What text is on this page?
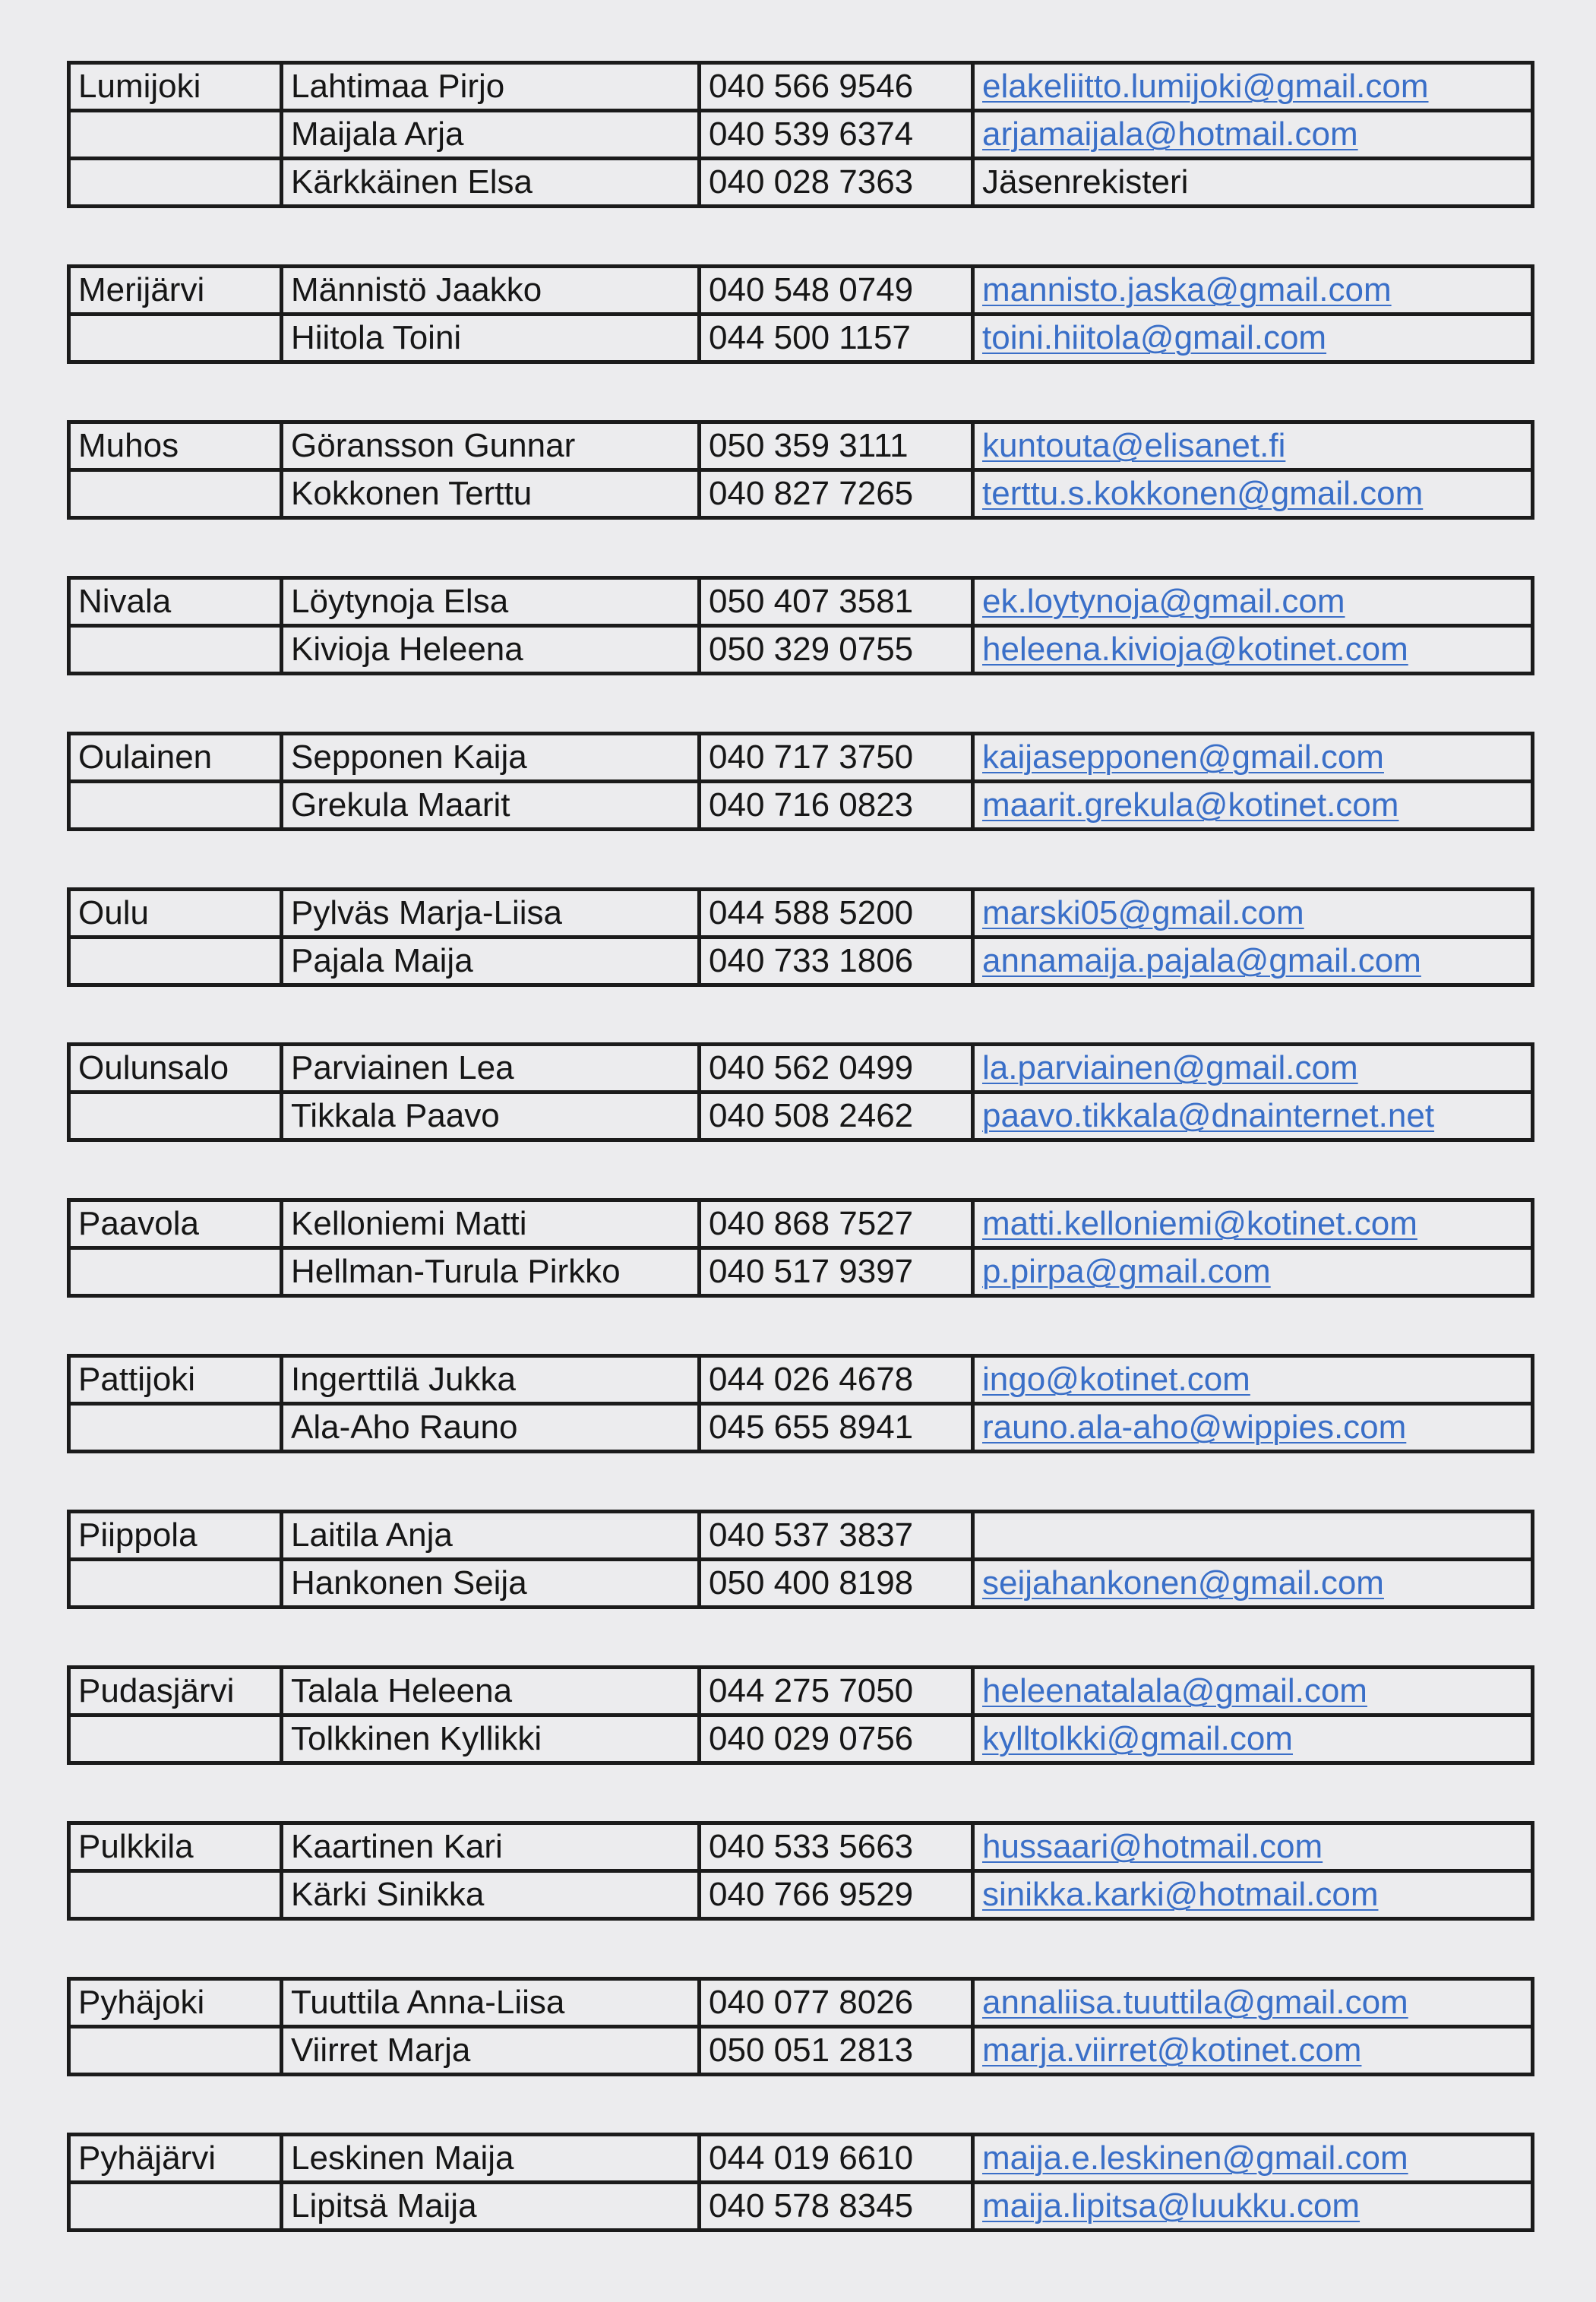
Lumijoki	Lahtimaa Pirjo	040 566 9546	elakeliitto.lumijoki@gmail.com
	Maijala Arja	040 539 6374	arjamaijala@hotmail.com
	Kärkkäinen Elsa	040 028 7363	Jäsenrekisteri
Merijärvi	Männistö Jaakko	040 548 0749	mannisto.jaska@gmail.com
	Hiitola Toini	044 500 1157	toini.hiitola@gmail.com
Muhos	Göransson Gunnar	050 359 3111	kuntouta@elisanet.fi
	Kokkonen Terttu	040 827 7265	terttu.s.kokkonen@gmail.com
Nivala	Löytynoja Elsa	050 407 3581	ek.loytynoja@gmail.com
	Kivioja Heleena	050 329 0755	heleena.kivioja@kotinet.com
Oulainen	Sepponen Kaija	040 717 3750	kaijasepponen@gmail.com
	Grekula Maarit	040 716 0823	maarit.grekula@kotinet.com
Oulu	Pylväs Marja-Liisa	044 588 5200	marski05@gmail.com
	Pajala Maija	040 733 1806	annamaija.pajala@gmail.com
Oulunsalo	Parviainen Lea	040 562 0499	la.parviainen@gmail.com
	Tikkala Paavo	040 508 2462	paavo.tikkala@dnainternet.net
Paavola	Kelloniemi Matti	040 868 7527	matti.kelloniemi@kotinet.com
	Hellman-Turula Pirkko	040 517 9397	p.pirpa@gmail.com
Pattijoki	Ingerttilä Jukka	044 026 4678	ingo@kotinet.com
	Ala-Aho Rauno	045 655 8941	rauno.ala-aho@wippies.com
Piippola	Laitila Anja	040 537 3837	
	Hankonen Seija	050 400 8198	seijahankonen@gmail.com
Pudasjärvi	Talala Heleena	044 275 7050	heleenatalala@gmail.com
	Tolkkinen Kyllikki	040 029 0756	kylltolkki@gmail.com
Pulkkila	Kaartinen Kari	040 533 5663	hussaari@hotmail.com
	Kärki Sinikka	040 766 9529	sinikka.karki@hotmail.com
Pyhäjoki	Tuuttila Anna-Liisa	040 077 8026	annaliisa.tuuttila@gmail.com
	Viirret Marja	050 051 2813	marja.viirret@kotinet.com
Pyhäjärvi	Leskinen Maija	044 019 6610	maija.e.leskinen@gmail.com
	Lipitsä Maija	040 578 8345	maija.lipitsa@luukku.com
